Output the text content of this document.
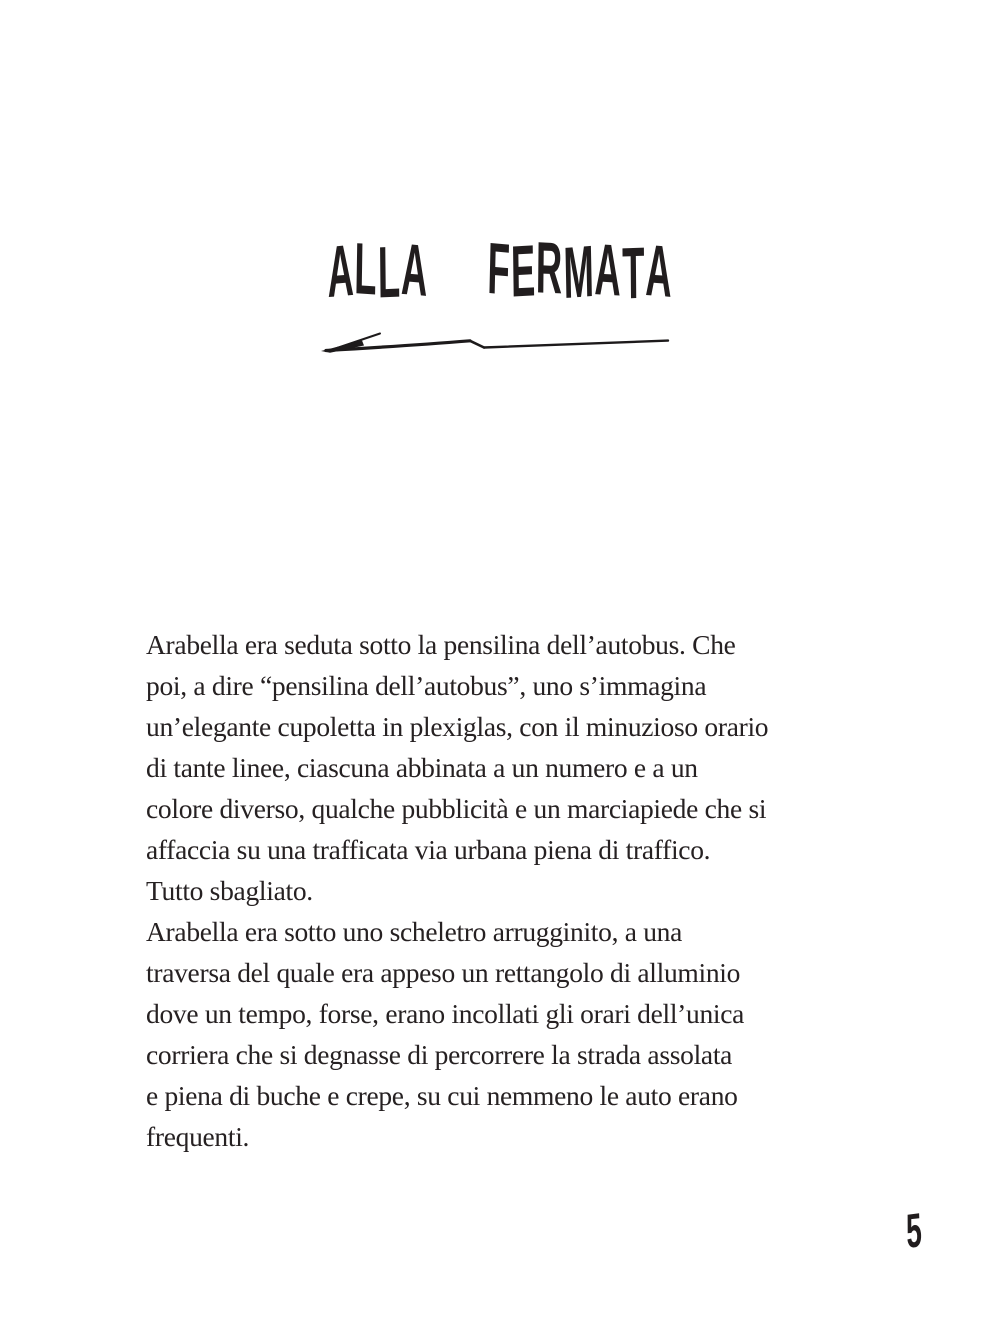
ALLA FERMATA
Arabella era seduta sotto la pensilina dell’autobus. Che
poi, a dire “pensilina dell’autobus”, uno s’immagina
un’elegante cupoletta in plexiglas, con il minuzioso orario
di tante linee, ciascuna abbinata a un numero e a un
colore diverso, qualche pubblicità e un marciapiede che si
affaccia su una trafficata via urbana piena di traffico.
Tutto sbagliato.
Arabella era sotto uno scheletro arrugginito, a una
traversa del quale era appeso un rettangolo di alluminio
dove un tempo, forse, erano incollati gli orari dell’unica
corriera che si degnasse di percorrere la strada assolata
e piena di buche e crepe, su cui nemmeno le auto erano
frequenti.
5
